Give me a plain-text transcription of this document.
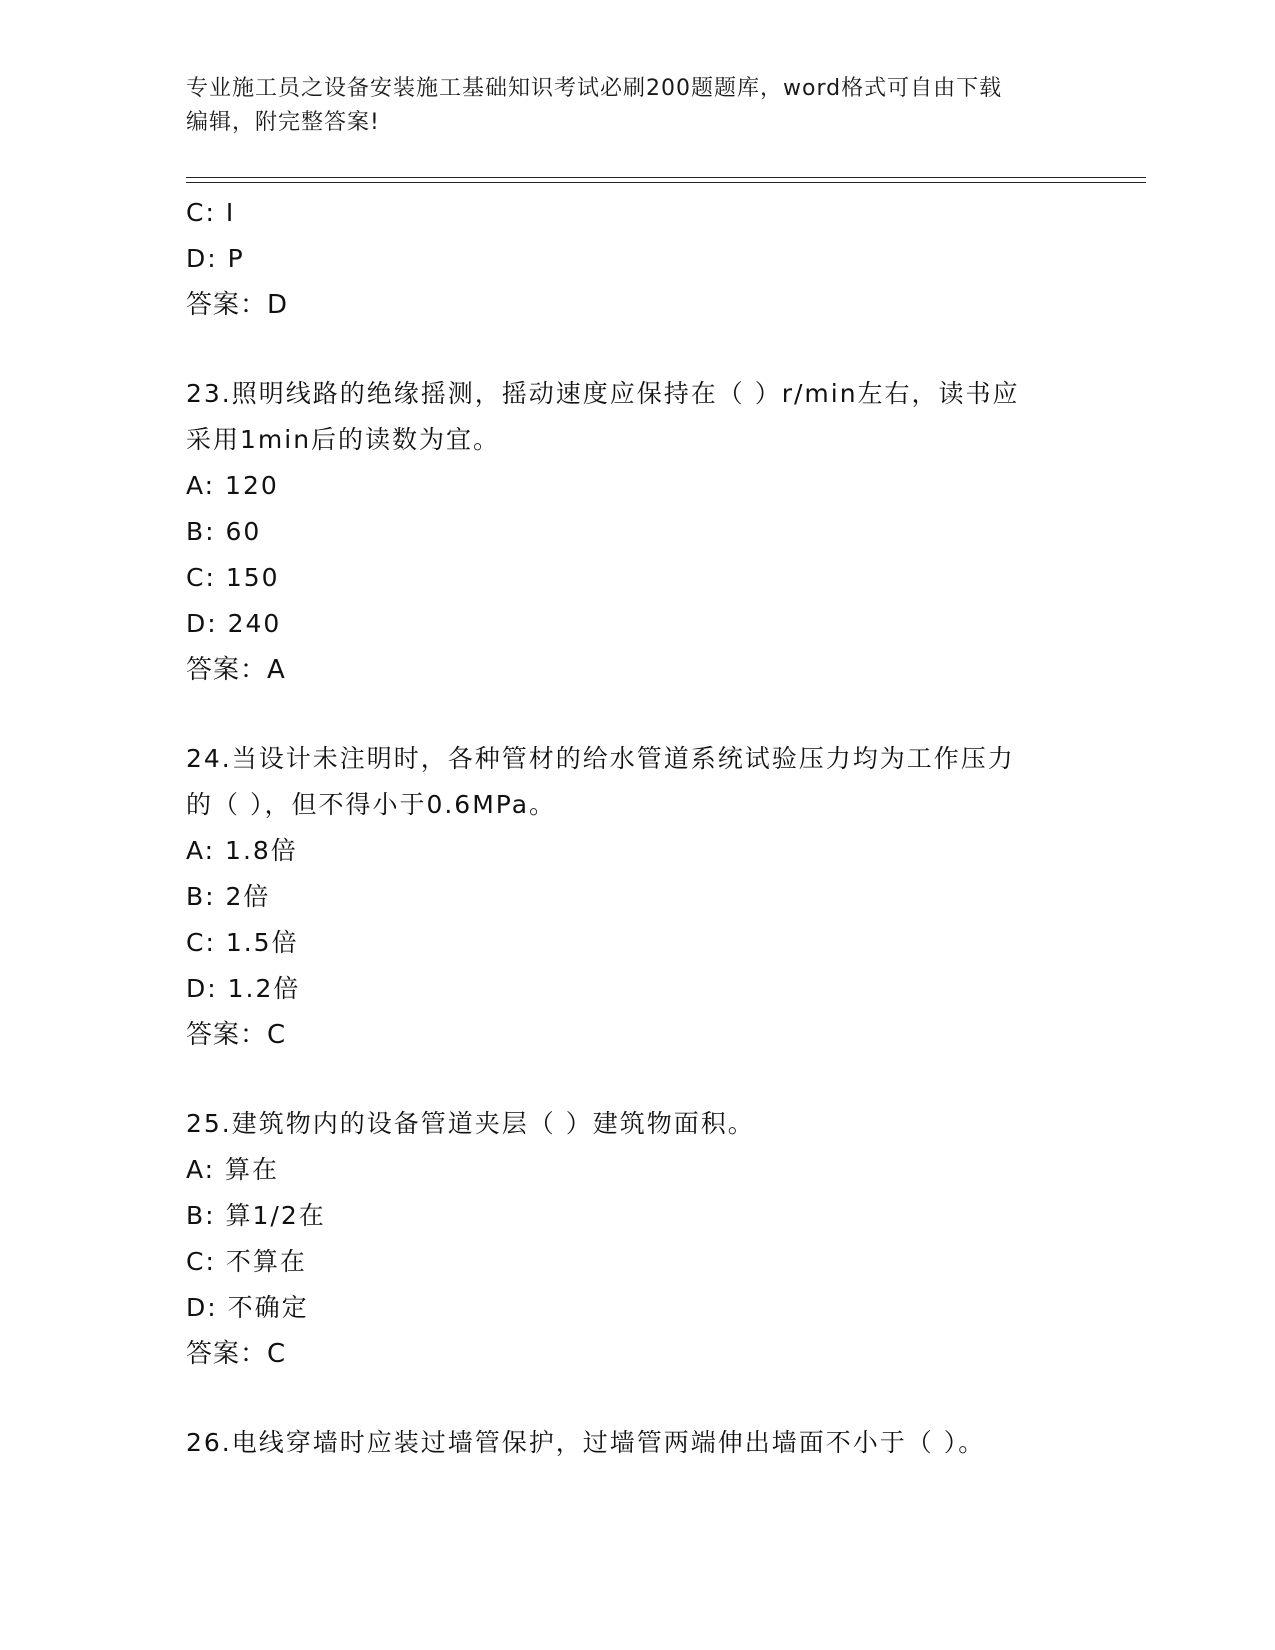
专业施工员之设备安装施工基础知识考试必刷200题题库，word格式可自由下载
编辑，附完整答案!
C: I
D: P
答案：D
23.照明线路的绝缘摇测，摇动速度应保持在（ ）r/min左右，读书应
采用1min后的读数为宜。
A: 120
B: 60
C: 150
D: 240
答案：A
24.当设计未注明时，各种管材的给水管道系统试验压力均为工作压力
的（ ），但不得小于0.6MPa。
A: 1.8倍
B: 2倍
C: 1.5倍
D: 1.2倍
答案：C
25.建筑物内的设备管道夹层（ ）建筑物面积。
A: 算在
B: 算1/2在
C: 不算在
D: 不确定
答案：C
26.电线穿墙时应装过墙管保护，过墙管两端伸出墙面不小于（ ）。
